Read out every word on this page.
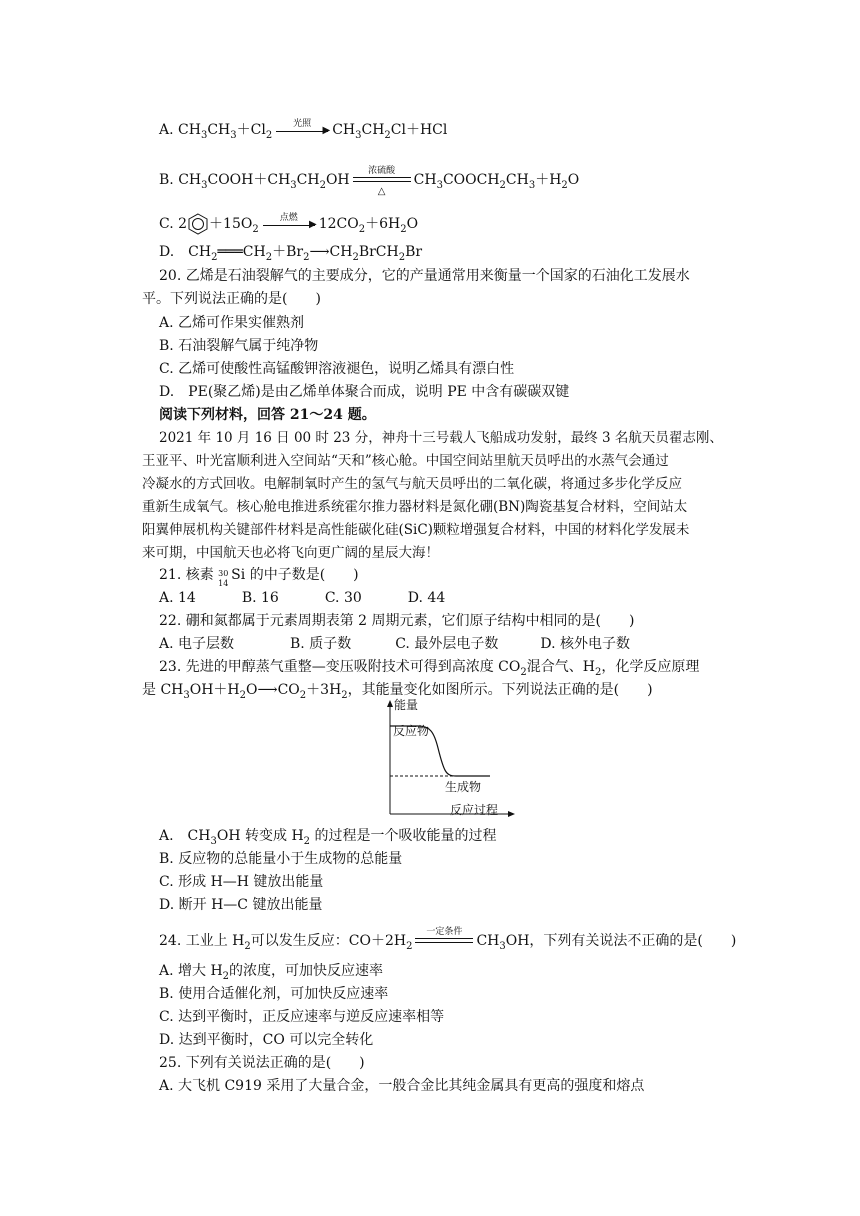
A. $CH_3CH_3+Cl_2$
光照
▶ $CH_3CH_2Cl+HCl$
B. $CH_3COOH+CH_3CH_2OH$
浓硫酸
△
$CH_3COOCH_2CH_3+H_2O$
C. $2 +15O_2$
点燃
▶ $12CO_2+6H_2O$
D.　$CH_2═══CH_2+Br_2⟶CH_2BrCH_2Br$
20. 乙烯是石油裂解气的主要成分，它的产量通常用来衡量一个国家的石油化工发展水
平。下列说法正确的是(　　)
A. 乙烯可作果实催熟剂
B. 石油裂解气属于纯净物
C. 乙烯可使酸性高锰酸钾溶液褪色，说明乙烯具有漂白性
D.　PE(聚乙烯)是由乙烯单体聚合而成，说明 PE 中含有碳碳双键
阅读下列材料，回答 21～24 题。
2021 年 10 月 16 日 00 时 23 分，神舟十三号载人飞船成功发射，最终 3 名航天员翟志刚、
王亚平、叶光富顺利进入空间站“天和”核心舱。中国空间站里航天员呼出的水蒸气会通过
冷凝水的方式回收。电解制氧时产生的氢气与航天员呼出的二氧化碳，将通过多步化学反应
重新生成氧气。核心舱电推进系统霍尔推力器材料是氮化硼(BN)陶瓷基复合材料，空间站太
阳翼伸展机构关键部件材料是高性能碳化硅(SiC)颗粒增强复合材料，中国的材料化学发展未
来可期，中国航天也必将飞向更广阔的星辰大海！
21. 核素 30
14
Si 的中子数是(　　)
A. 14	B. 16	C. 30	D. 44
22. 硼和氮都属于元素周期表第 2 周期元素，它们原子结构中相同的是(　　)
A. 电子层数	B. 质子数	C. 最外层电子数	D. 核外电子数
23. 先进的甲醇蒸气重整—变压吸附技术可得到高浓度 $CO_2$混合气、$H_2$，化学反应原理
是 $CH_3OH+H_2O⟶CO_2+3H_2$，其能量变化如图所示。下列说法正确的是(　　)
能量
反应物
生成物
反应过程
A.　$CH_3OH$ 转变成 $H_2$ 的过程是一个吸收能量的过程
B. 反应物的总能量小于生成物的总能量
C. 形成 H—H 键放出能量
D. 断开 H—C 键放出能量
24. 工业上 $H_2$可以发生反应：$CO+2H_2$
一定条件
$CH_3OH$，下列有关说法不正确的是(　　)
A. 增大 $H_2$的浓度，可加快反应速率
B. 使用合适催化剂，可加快反应速率
C. 达到平衡时，正反应速率与逆反应速率相等
D. 达到平衡时，CO 可以完全转化
25. 下列有关说法正确的是(　　)
A. 大飞机 C919 采用了大量合金，一般合金比其纯金属具有更高的强度和熔点
